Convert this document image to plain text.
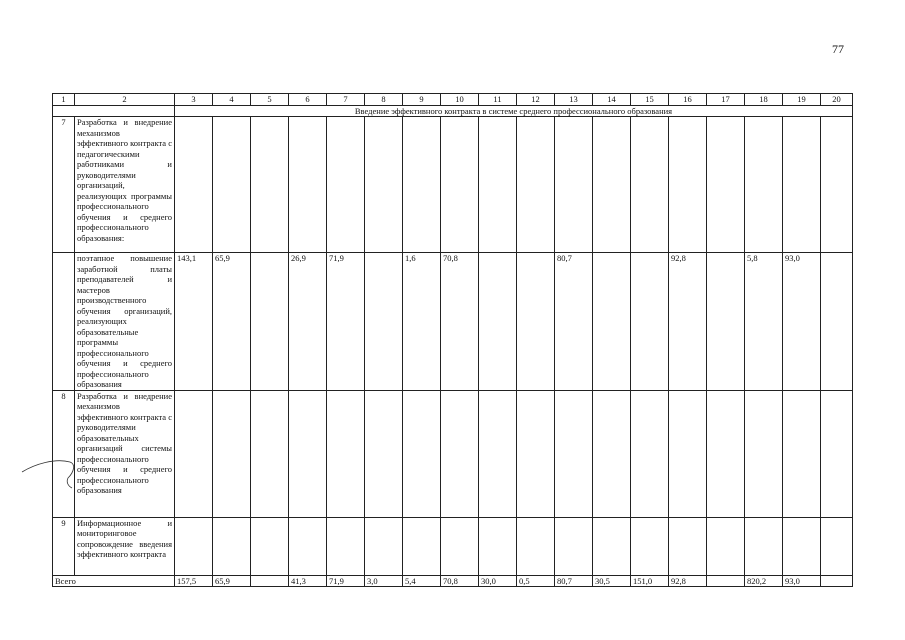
77
1	2	3	4	5	6	7	8	9	10	11	12	13	14	15	16	17	18	19	20
		Введение эффективного контракта в системе среднего профессионального образования																	
7	Разработка и внедрение механизмов эффективного контракта с педагогическими работниками и руководителями организаций, реализующих программы профессионального обучения и среднего профессионального образования:																		
	поэтапное повышение заработной платы преподавателей и мастеров производственного обучения организаций, реализующих образовательные программы профессионального обучения и среднего профессионального образования	143,1	65,9		26,9	71,9		1,6	70,8			80,7			92,8		5,8	93,0	
8	Разработка и внедрение механизмов эффективного контракта с руководителями образовательных организаций системы профессионального обучения и среднего профессионального образования																		
9	Информационное и мониторинговое сопровождение введения эффективного контракта																		
Всего		157,5	65,9		41,3	71,9	3,0	5,4	70,8	30,0	0,5	80,7	30,5	151,0	92,8		820,2	93,0	
